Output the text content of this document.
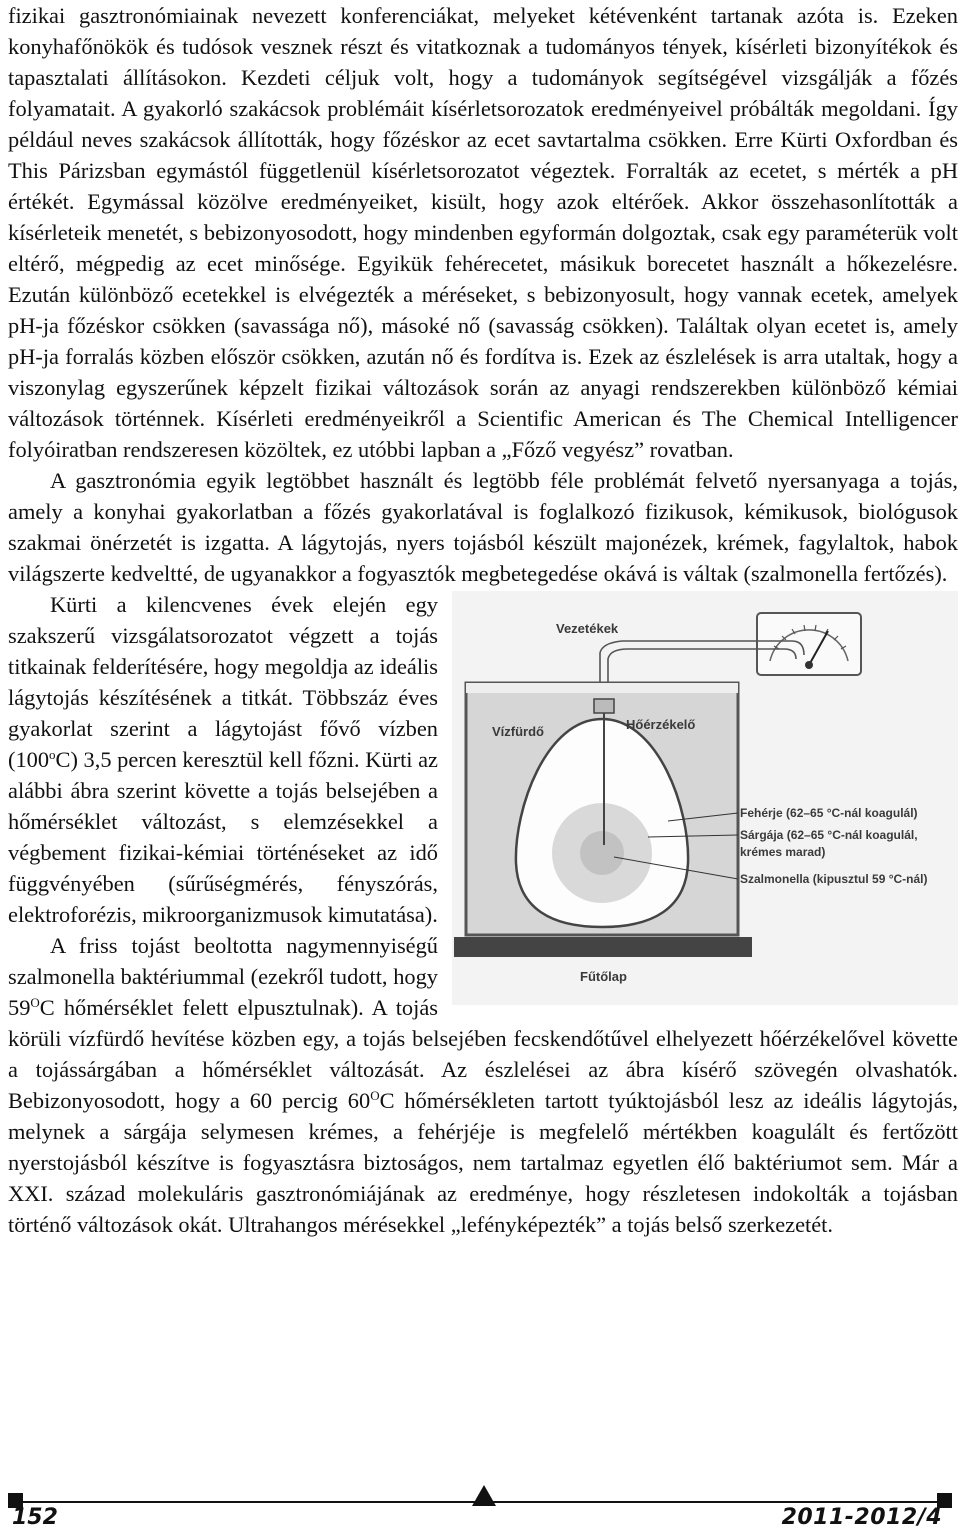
fizikai gasztronómiainak nevezett konferenciákat, melyeket kétévenként tartanak azóta is. Ezeken konyhafőnökök és tudósok vesznek részt és vitatkoznak a tudományos tények, kísérleti bizonyítékok és tapasztalati állításokon. Kezdeti céljuk volt, hogy a tudományok segítségével vizsgálják a főzés folyamatait. A gyakorló szakácsok problémáit kísérletsorozatok eredményeivel próbálták megoldani. Így például neves szakácsok állították, hogy főzéskor az ecet savtartalma csökken. Erre Kürti Oxfordban és This Párizsban egymástól függetlenül kísérletsorozatot végeztek. Forralták az ecetet, s mérték a pH értékét. Egymással közölve eredményeiket, kisült, hogy azok eltérőek. Akkor összehasonlították a kísérleteik menetét, s bebizonyosodott, hogy mindenben egyformán dolgoztak, csak egy paraméterük volt eltérő, mégpedig az ecet minősége. Egyikük fehérecetet, másikuk borecetet használt a hőkezelésre. Ezután különböző ecetekkel is elvégezték a méréseket, s bebizonyosult, hogy vannak ecetek, amelyek pH-ja főzéskor csökken (savassága nő), másoké nő (savasság csökken). Találtak olyan ecetet is, amely pH-ja forralás közben először csökken, azután nő és fordítva is. Ezek az észlelések is arra utaltak, hogy a viszonylag egyszerűnek képzelt fizikai változások során az anyagi rendszerekben különböző kémiai változások történnek. Kísérleti eredményeikről a Scientific American és The Chemical Intelligencer folyóiratban rendszeresen közöltek, ez utóbbi lapban a „Főző vegyész” rovatban.

A gasztronómia egyik legtöbbet használt és legtöbb féle problémát felvető nyersanyaga a tojás, amely a konyhai gyakorlatban a főzés gyakorlatával is foglalkozó fizikusok, kémikusok, biológusok szakmai önérzetét is izgatta. A lágytojás, nyers tojásból készült majonézek, krémek, fagylaltok, habok világszerte kedveltté, de ugyanakkor a fogyasztók megbetegedése okává is váltak (szalmonella fertőzés).

Vezetékek
Vízfürdő	Hőérzékelő
Fűtőlap
Fehérje (62–65 °C-nál koagulál)
Sárgája (62–65 °C-nál koagulál,
krémes marad)
Szalmonella (kipusztul 59 °C-nál)
Kürti a kilencvenes évek elején egy szakszerű vizsgálatsorozatot végzett a tojás titkainak felderítésére, hogy megoldja az ideális lágytojás készítésének a titkát. Többszáz éves gyakorlat szerint a lágytojást fővő vízben (100$^o$C) 3,5 percen keresztül kell főzni. Kürti az alábbi ábra szerint követte a tojás belsejében a hőmérséklet változást, s elemzésekkel a végbement fizikai-kémiai történéseket az idő függvényében (sűrűségmérés, fényszórás, elektroforézis, mikroorganizmusok kimutatása).

A friss tojást beoltotta nagymennyiségű szalmonella baktériummal (ezekről tudott, hogy $59^OC$ hőmérséklet felett elpusztulnak). A tojás körüli vízfürdő hevítése közben egy, a tojás belsejében fecskendőtűvel elhelyezett hőérzékelővel követte a tojássárgában a hőmérséklet változását. Az észlelései az ábra kísérő szövegén olvashatók. Bebizonyosodott, hogy a 60 percig $60^OC$ hőmérsékleten tartott tyúktojásból lesz az ideális lágytojás, melynek a sárgája selymesen krémes, a fehérjéje is megfelelő mértékben koagulált és fertőzött nyerstojásból készítve is fogyasztásra biztoságos, nem tartalmaz egyetlen élő baktériumot sem. Már a XXI. század molekuláris gasztronómiájának az eredménye, hogy részletesen indokolták a tojásban történő változások okát. Ultrahangos mérésekkel „lefényképezték” a tojás belső szerkezetét.

152	2011-2012/4
